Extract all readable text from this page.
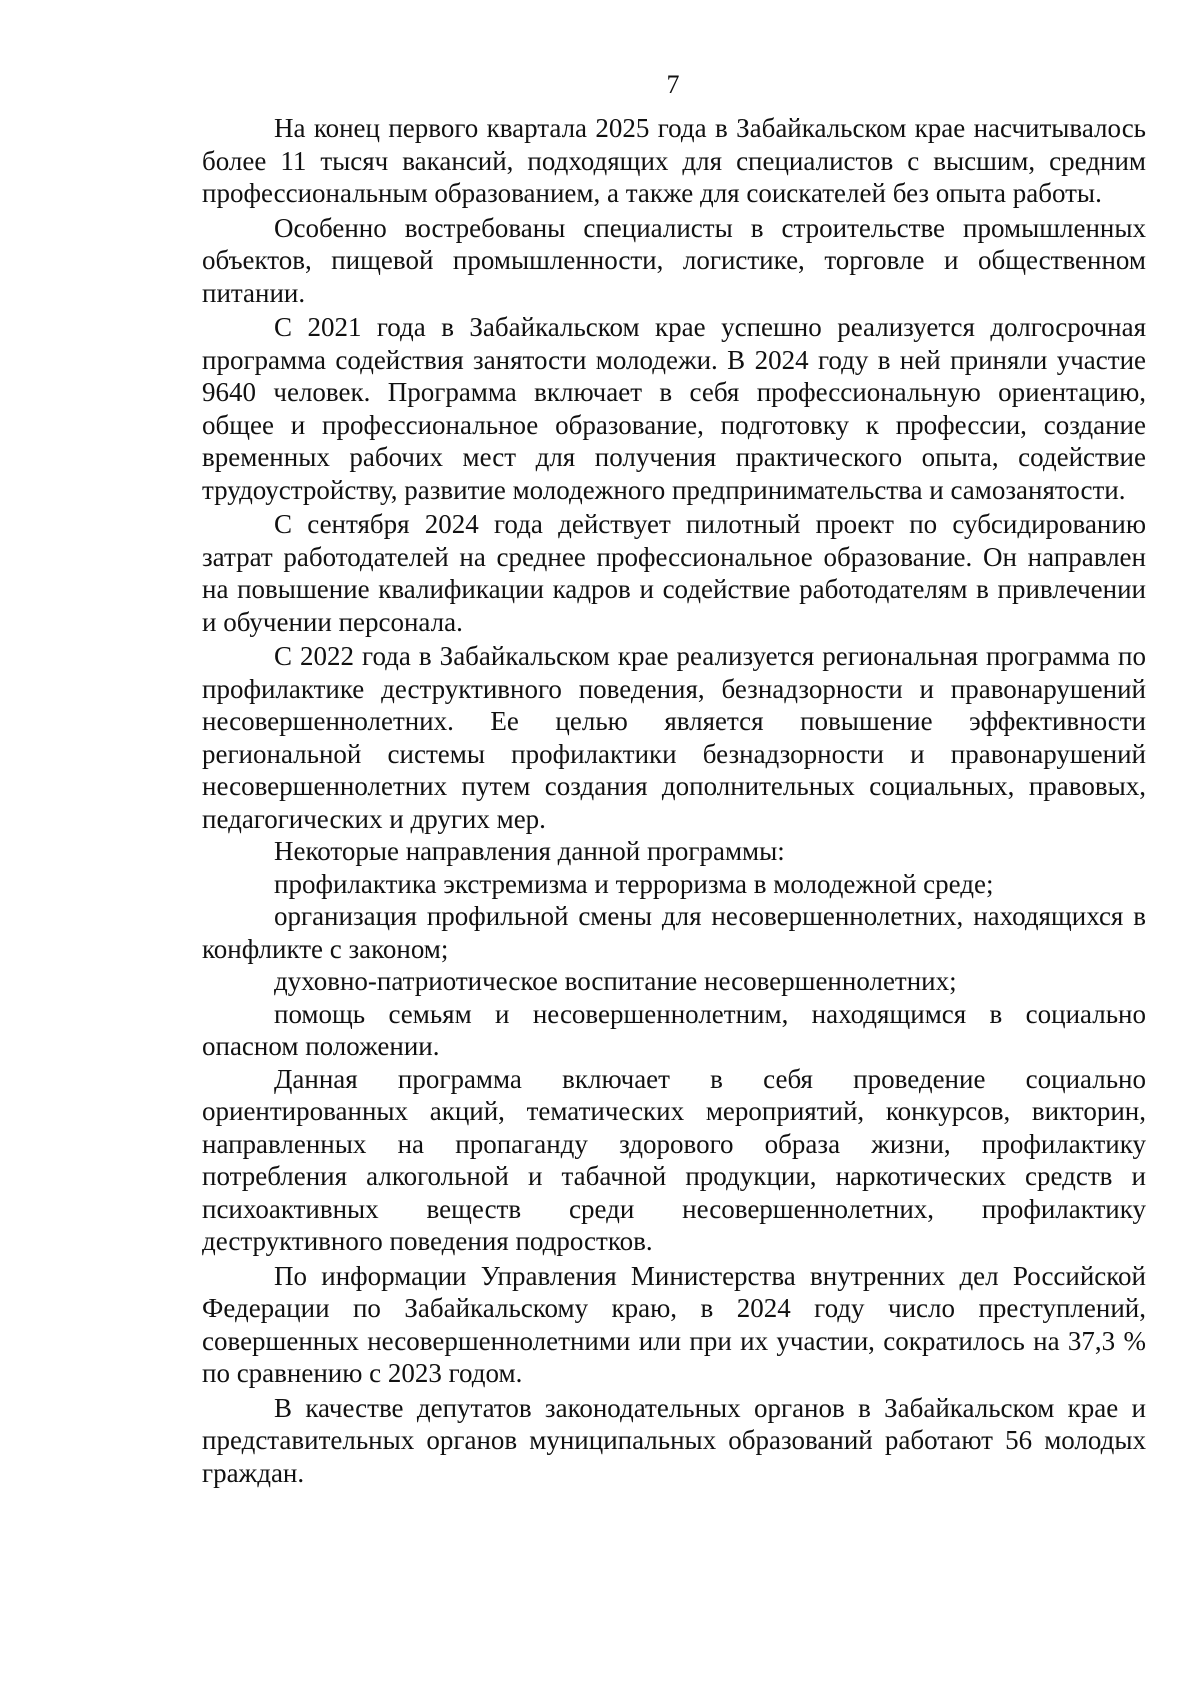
7

На конец первого квартала 2025 года в Забайкальском крае насчитывалось более 11 тысяч вакансий, подходящих для специалистов с высшим, средним профессиональным образованием, а также для соискателей без опыта работы.

Особенно востребованы специалисты в строительстве промышленных объектов, пищевой промышленности, логистике, торговле и общественном питании.

С 2021 года в Забайкальском крае успешно реализуется долгосрочная программа содействия занятости молодежи. В 2024 году в ней приняли участие 9640 человек. Программа включает в себя профессиональную ориентацию, общее и профессиональное образование, подготовку к профессии, создание временных рабочих мест для получения практического опыта, содействие трудоустройству, развитие молодежного предпринимательства и самозанятости.

С сентября 2024 года действует пилотный проект по субсидированию затрат работодателей на среднее профессиональное образование. Он направлен на повышение квалификации кадров и содействие работодателям в привлечении и обучении персонала.

С 2022 года в Забайкальском крае реализуется региональная программа по профилактике деструктивного поведения, безнадзорности и правонарушений несовершеннолетних. Ее целью является повышение эффективности региональной системы профилактики безнадзорности и правонарушений несовершеннолетних путем создания дополнительных социальных, правовых, педагогических и других мер.

Некоторые направления данной программы:

профилактика экстремизма и терроризма в молодежной среде;

организация профильной смены для несовершеннолетних, находящихся в конфликте с законом;

духовно-патриотическое воспитание несовершеннолетних;

помощь семьям и несовершеннолетним, находящимся в социально опасном положении.

Данная программа включает в себя проведение социально ориентированных акций, тематических мероприятий, конкурсов, викторин, направленных на пропаганду здорового образа жизни, профилактику потребления алкогольной и табачной продукции, наркотических средств и психоактивных веществ среди несовершеннолетних, профилактику деструктивного поведения подростков.

По информации Управления Министерства внутренних дел Российской Федерации по Забайкальскому краю, в 2024 году число преступлений, совершенных несовершеннолетними или при их участии, сократилось на 37,3 % по сравнению с 2023 годом.

В качестве депутатов законодательных органов в Забайкальском крае и представительных органов муниципальных образований работают 56 молодых граждан.
